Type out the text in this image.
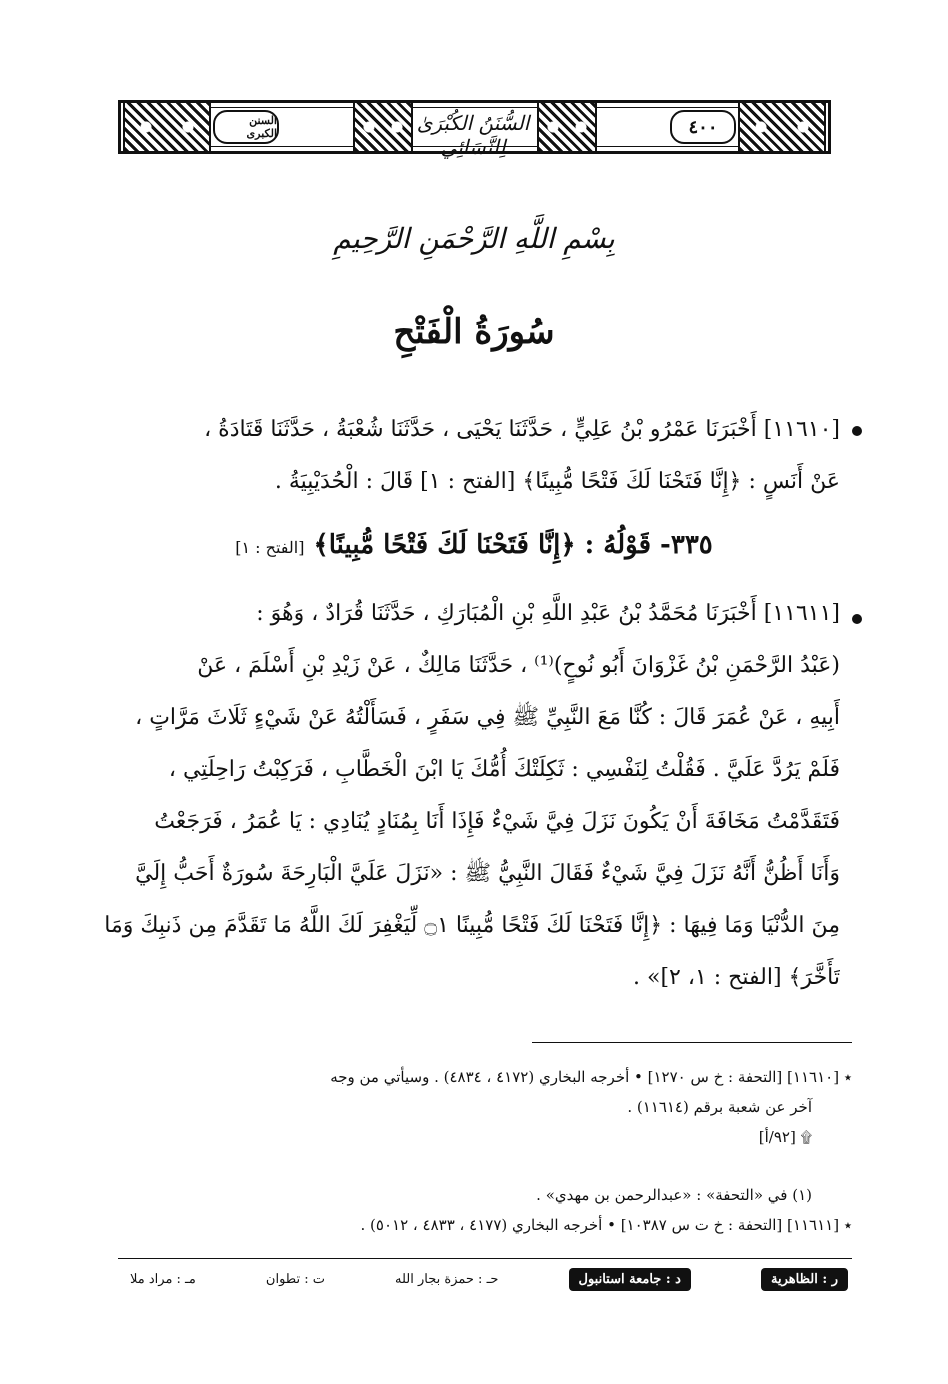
٤٠٠
السُّنَنُ الكُبْرَىٰ لِلنَّسَائِي
السنن الكبرى
بِسْمِ اللَّهِ الرَّحْمَنِ الرَّحِيمِ
سُورَةُ الْفَتْحِ
[١١٦١٠] أَخْبَرَنَا عَمْرُو بْنُ عَلِيٍّ ، حَدَّثَنَا يَحْيَى ، حَدَّثَنَا شُعْبَةُ ، حَدَّثَنَا قَتَادَةُ ،
عَنْ أَنَسٍ : ﴿إِنَّا فَتَحْنَا لَكَ فَتْحًا مُّبِينًا﴾ [الفتح : ١] قَالَ : الْحُدَيْبِيَةُ .
٣٣٥- قَوْلُهُ : ﴿إِنَّا فَتَحْنَا لَكَ فَتْحًا مُّبِينًا﴾ [الفتح : ١]
[١١٦١١] أَخْبَرَنَا مُحَمَّدُ بْنُ عَبْدِ اللَّهِ بْنِ الْمُبَارَكِ ، حَدَّثَنَا قُرَادٌ ، وَهُوَ :
(عَبْدُ الرَّحْمَنِ بْنُ غَزْوَانَ أَبُو نُوحٍ)⁽¹⁾ ، حَدَّثَنَا مَالِكٌ ، عَنْ زَيْدِ بْنِ أَسْلَمَ ، عَنْ
أَبِيهِ ، عَنْ عُمَرَ قَالَ : كُنَّا مَعَ النَّبِيِّ ﷺ فِي سَفَرٍ ، فَسَأَلْتُهُ عَنْ شَيْءٍ ثَلَاثَ مَرَّاتٍ ،
فَلَمْ يَرُدَّ عَلَيَّ . فَقُلْتُ لِنَفْسِي : ثَكِلَتْكَ أُمُّكَ يَا ابْنَ الْخَطَّابِ ، فَرَكِبْتُ رَاحِلَتِي ،
فَتَقَدَّمْتُ مَخَافَةَ أَنْ يَكُونَ نَزَلَ فِيَّ شَيْءٌ فَإِذَا أَنَا بِمُنَادٍ يُنَادِي : يَا عُمَرُ ، فَرَجَعْتُ
وَأَنَا أَظُنُّ أَنَّهُ نَزَلَ فِيَّ شَيْءٌ فَقَالَ النَّبِيُّ ﷺ : «نَزَلَ عَلَيَّ الْبَارِحَةَ سُورَةٌ أَحَبُّ إِلَيَّ
مِنَ الدُّنْيَا وَمَا فِيهَا : ﴿إِنَّا فَتَحْنَا لَكَ فَتْحًا مُّبِينًا ۝١ لِّيَغْفِرَ لَكَ اللَّهُ مَا تَقَدَّمَ مِن ذَنبِكَ وَمَا
تَأَخَّرَ﴾ [الفتح : ١، ٢]» .
٭ [١١٦١٠] [التحفة : خ س ١٢٧٠] • أخرجه البخاري (٤١٧٢ ، ٤٨٣٤) . وسيأتي من وجه
آخر عن شعبة برقم (١١٦١٤) .
۩ [٩٢/أ]
(١) في «التحفة» : «عبدالرحمن بن مهدي» .
٭ [١١٦١١] [التحفة : خ ت س ١٠٣٨٧] • أخرجه البخاري (٤١٧٧ ، ٤٨٣٣ ، ٥٠١٢) .
مـ : مراد ملا	ت : تطوان	حـ : حمزة بجار الله	د : جامعة استانبول	ر : الظاهرية
